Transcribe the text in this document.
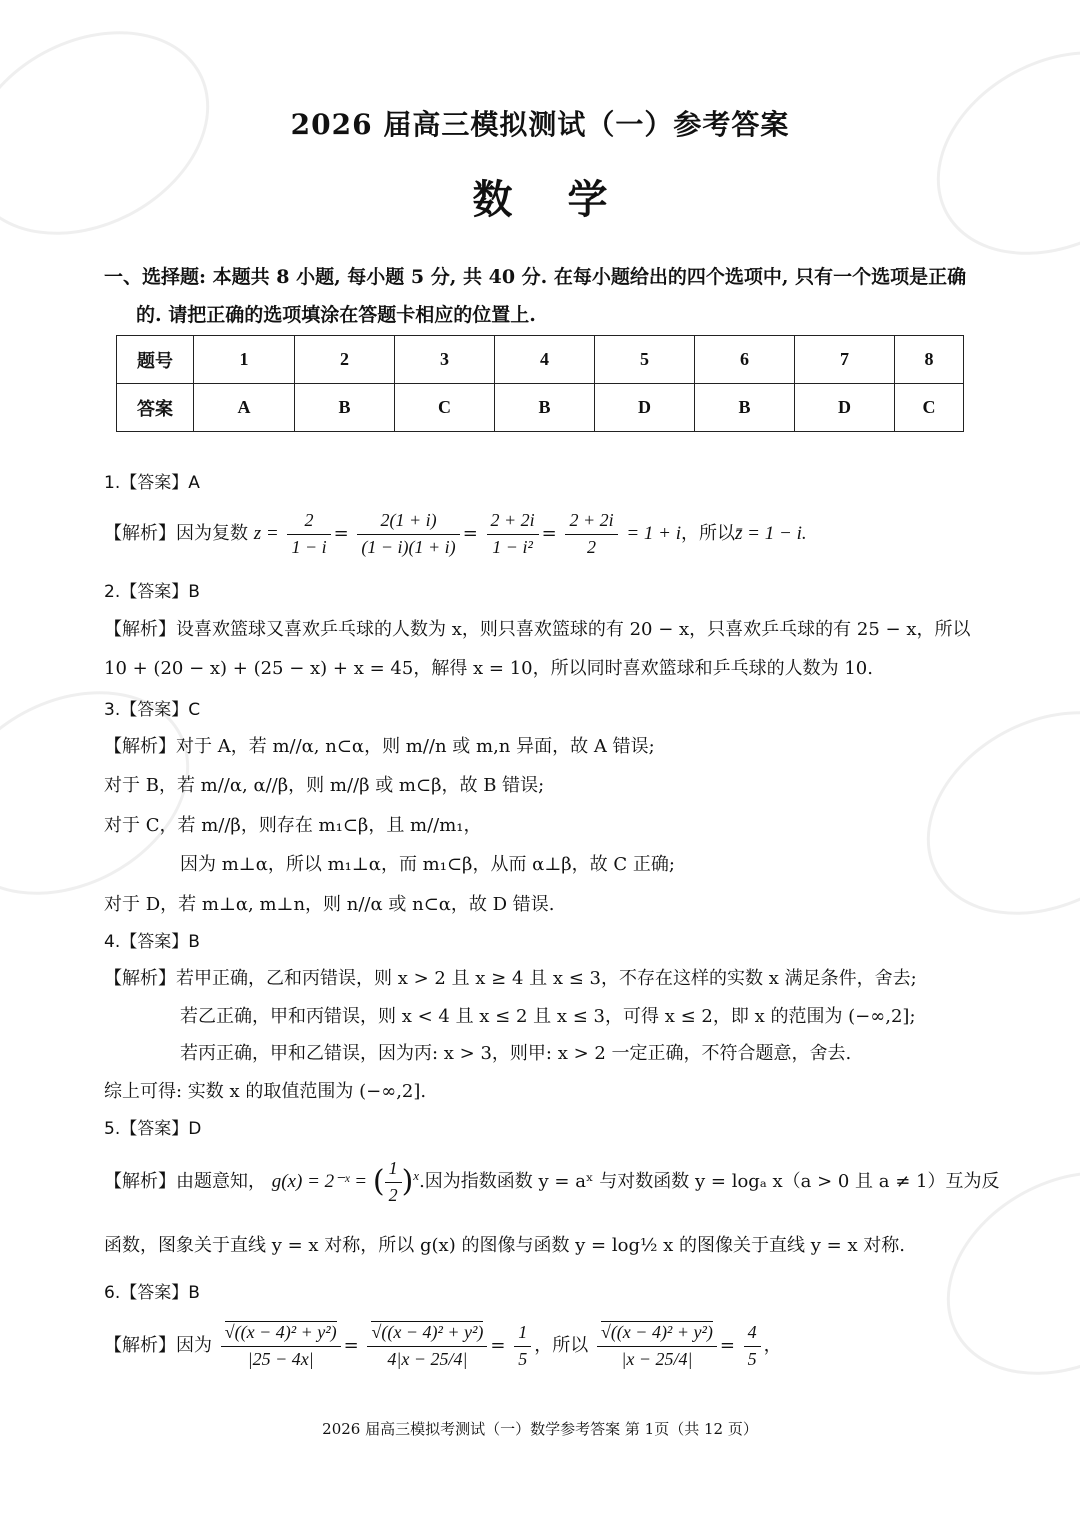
2026 届高三模拟测试（一）参考答案
数学
一、选择题: 本题共 8 小题, 每小题 5 分, 共 40 分. 在每小题给出的四个选项中, 只有一个选项是正确
的. 请把正确的选项填涂在答题卡相应的位置上.
题号	1	2	3	4	5	6	7	8
答案	A	B	C	B	D	B	D	C
1.【答案】A
【解析】因为复数 $z = \frac{2}{1 - i} = \frac{2(1 + i)}{(1 - i)(1 + i)} = \frac{2 + 2i}{\text{1 − i²}} = \frac{2 + 2i}{2} = 1 + i$，所以z̄ = 1 − i.
2.【答案】B
【解析】设喜欢篮球又喜欢乒乓球的人数为 x，则只喜欢篮球的有 20 − x，只喜欢乒乓球的有 25 − x，所以
10 + (20 − x) + (25 − x) + x = 45，解得 x = 10，所以同时喜欢篮球和乒乓球的人数为 10.
3.【答案】C
【解析】对于 A，若 m//α, n⊂α，则 m//n 或 m,n 异面，故 A 错误;
对于 B，若 m//α, α//β，则 m//β 或 m⊂β，故 B 错误;
对于 C，若 m//β，则存在 m₁⊂β，且 m//m₁，
因为 m⊥α，所以 m₁⊥α，而 m₁⊂β，从而 α⊥β，故 C 正确;
对于 D，若 m⊥α, m⊥n，则 n//α 或 n⊂α，故 D 错误.
4.【答案】B
【解析】若甲正确，乙和丙错误，则 x > 2 且 x ≥ 4 且 x ≤ 3，不存在这样的实数 x 满足条件，舍去;
若乙正确，甲和丙错误，则 x < 4 且 x ≤ 2 且 x ≤ 3，可得 x ≤ 2，即 x 的范围为 (−∞,2];
若丙正确，甲和乙错误，因为丙: x > 3，则甲: x > 2 一定正确，不符合题意，舍去.
综上可得: 实数 x 的取值范围为 (−∞,2].
5.【答案】D
【解析】由题意知， g(x) = 2⁻ˣ = ( $\frac{1}{2} )^x$.因为指数函数 y = aˣ 与对数函数 y = logₐ x（a > 0 且 a ≠ 1）互为反
函数，图象关于直线 y = x 对称，所以 g(x) 的图像与函数 y = log½ x 的图像关于直线 y = x 对称.
6.【答案】B
【解析】因为 $\frac{\text{√((x − 4)² + y²)}}{|25 - 4x|} = \frac{\text{√((x − 4)² + y²)}}{4|x - 25/4|} = \frac{1}{5}$ ，所以 $\frac{\text{√((x − 4)² + y²)}}{|x - 25/4|} = \frac{4}{5}$ ，
2026 届高三模拟考测试（一）数学参考答案 第 1页（共 12 页）
